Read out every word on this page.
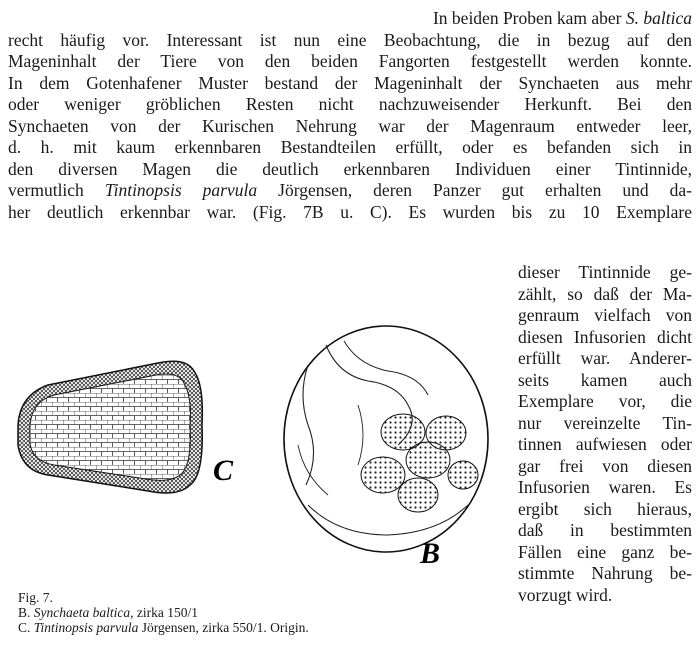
In beiden Proben kam aber S. baltica
recht häufig vor. Interessant ist nun eine Beobachtung, die in bezug auf den
Mageninhalt der Tiere von den beiden Fangorten festgestellt werden konnte.
In dem Gotenhafener Muster bestand der Mageninhalt der Synchaeten aus mehr
oder weniger gröblichen Resten nicht nachzuweisender Herkunft. Bei den
Synchaeten von der Kurischen Nehrung war der Magenraum entweder leer,
d. h. mit kaum erkennbaren Bestandteilen erfüllt, oder es befanden sich in
den diversen Magen die deutlich erkennbaren Individuen einer Tintinnide,
vermutlich Tintinopsis parvula Jörgensen, deren Panzer gut erhalten und da-
her deutlich erkennbar war. (Fig. 7B u. C). Es wurden bis zu 10 Exemplare
dieser Tintinnide ge-
zählt, so daß der Ma-
genraum vielfach von
diesen Infusorien dicht
erfüllt war. Anderer-
seits kamen auch
Exemplare vor, die
nur vereinzelte Tin-
tinnen aufwiesen oder
gar frei von diesen
Infusorien waren. Es
ergibt sich hieraus,
daß in bestimmten
Fällen eine ganz be-
stimmte Nahrung be-
vorzugt wird.
C
B
Fig. 7.
B. Synchaeta baltica, zirka 150/1
C. Tintinopsis parvula Jörgensen, zirka 550/1. Origin.
